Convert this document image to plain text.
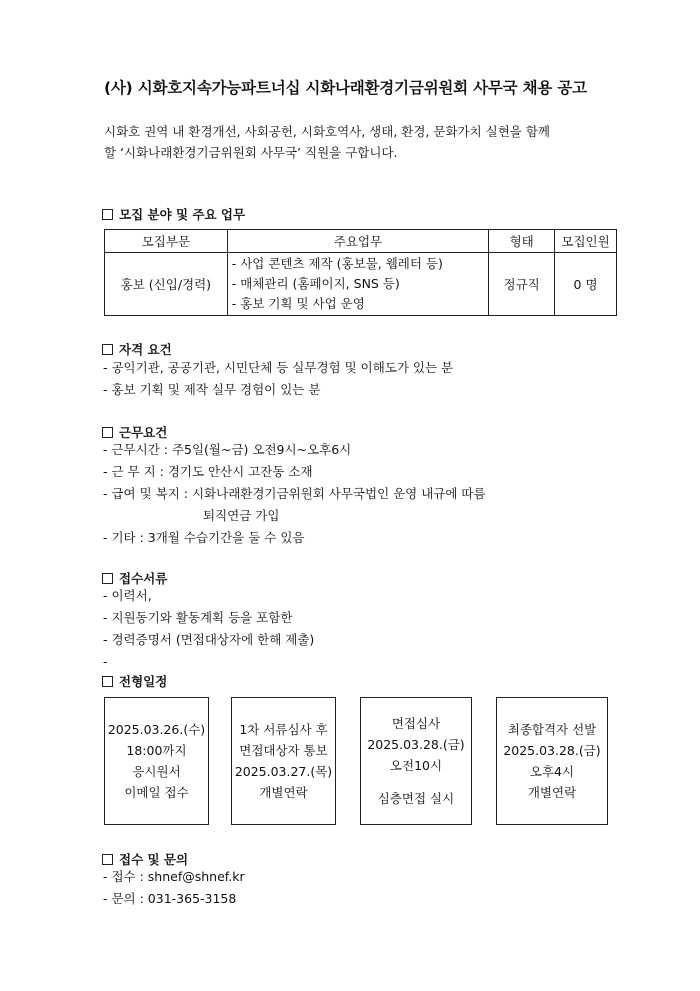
(사) 시화호지속가능파트너십 시화나래환경기금위원회 사무국 채용 공고
시화호 권역 내 환경개선, 사회공헌, 시화호역사, 생태, 환경, 문화가치 실현을 함께
할 ‘시화나래환경기금위원회 사무국’ 직원을 구합니다.
모집 분야 및 주요 업무
모집부문	주요업무	형태	모집인원
홍보 (신입/경력)	- 사업 콘텐츠 제작 (홍보물, 웹레터 등)
- 매체관리 (홈페이지, SNS 등)
- 홍보 기획 및 사업 운영	정규직	0 명
자격 요건
- 공익기관, 공공기관, 시민단체 등 실무경험 및 이해도가 있는 분
- 홍보 기획 및 제작 실무 경험이 있는 분
근무요건
- 근무시간 : 주5일(월~금) 오전9시~오후6시
- 근 무 지 : 경기도 안산시 고잔동 소재
- 급여 및 복지 : 시화나래환경기금위원회 사무국법인 운영 내규에 따름
퇴직연금 가입
- 기타 : 3개월 수습기간을 둘 수 있음
접수서류
- 이력서,
- 지원동기와 활동계획 등을 포함한
- 경력증명서 (면접대상자에 한해 제출)
-
전형일정
2025.03.26.(수)
18:00까지
응시원서
이메일 접수
1차 서류심사 후
면접대상자 통보
2025.03.27.(목)
개별연락
면접심사
2025.03.28.(금)
오전10시
심층면접 실시
최종합격자 선발
2025.03.28.(금)
오후4시
개별연락
접수 및 문의
- 접수 : shnef@shnef.kr
- 문의 : 031-365-3158
